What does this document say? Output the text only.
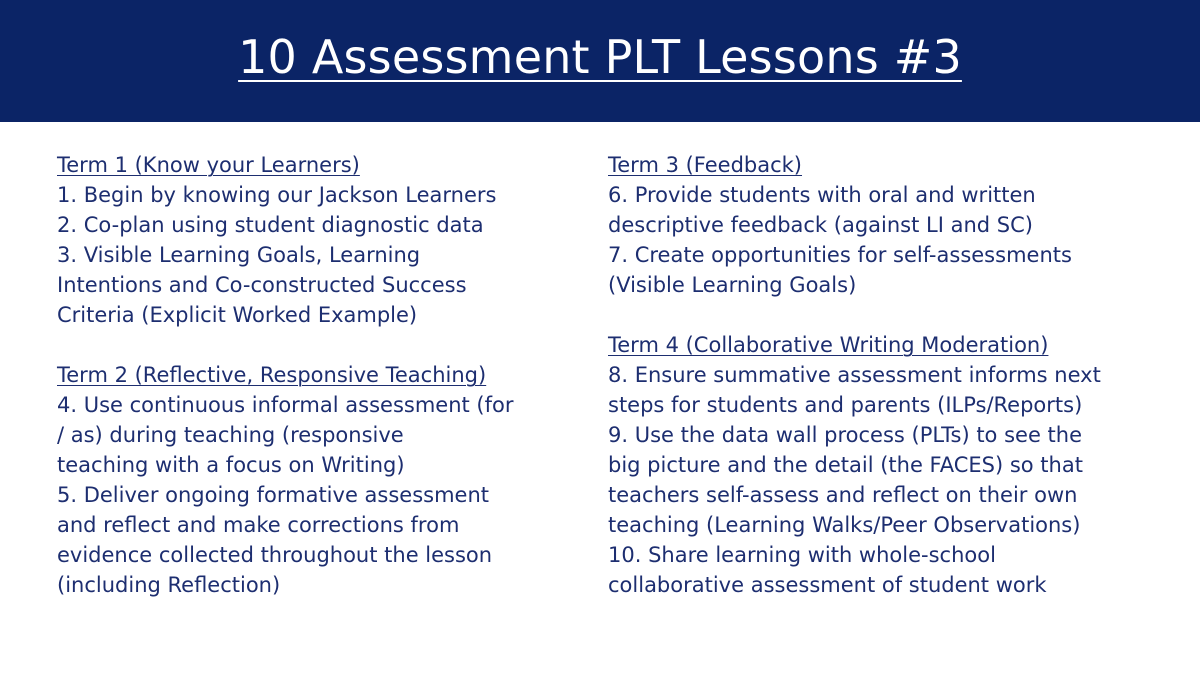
10 Assessment PLT Lessons #3
Term 1 (Know your Learners)
1. Begin by knowing our Jackson Learners
2. Co-plan using student diagnostic data
3. Visible Learning Goals, Learning
Intentions and Co-constructed Success
Criteria (Explicit Worked Example)
Term 2 (Reflective, Responsive Teaching)
4. Use continuous informal assessment (for
/ as) during teaching (responsive
teaching with a focus on Writing)
5. Deliver ongoing formative assessment
and reflect and make corrections from
evidence collected throughout the lesson
(including Reflection)
Term 3 (Feedback)
6. Provide students with oral and written
descriptive feedback (against LI and SC)
7. Create opportunities for self-assessments
(Visible Learning Goals)
Term 4 (Collaborative Writing Moderation)
8. Ensure summative assessment informs next
steps for students and parents (ILPs/Reports)
9. Use the data wall process (PLTs) to see the
big picture and the detail (the FACES) so that
teachers self-assess and reflect on their own
teaching (Learning Walks/Peer Observations)
10. Share learning with whole-school
collaborative assessment of student work
